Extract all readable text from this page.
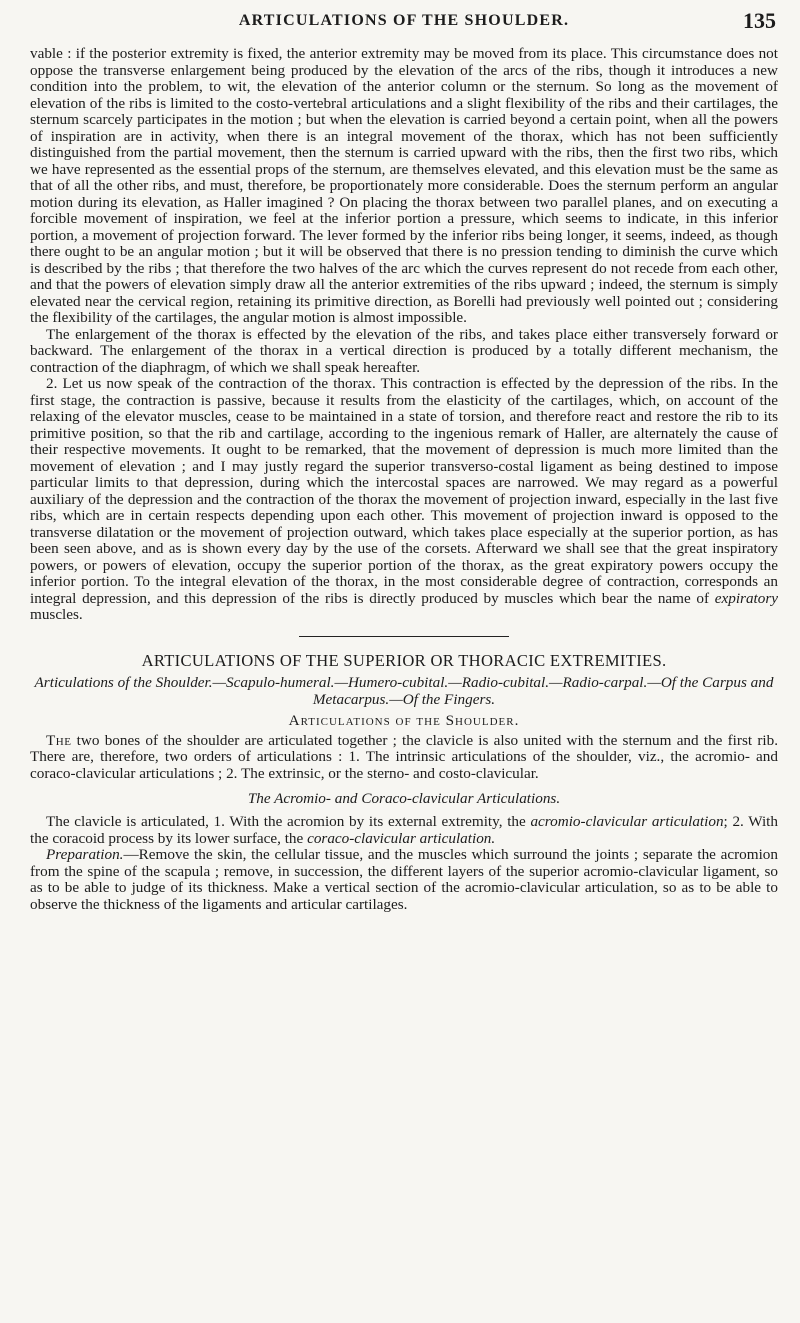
ARTICULATIONS OF THE SHOULDER.	135

vable : if the posterior extremity is fixed, the anterior extremity may be moved from its place. This circumstance does not oppose the transverse enlargement being produced by the elevation of the arcs of the ribs, though it introduces a new condition into the problem, to wit, the elevation of the anterior column or the sternum. So long as the movement of elevation of the ribs is limited to the costo-vertebral articulations and a slight flexibility of the ribs and their cartilages, the sternum scarcely participates in the motion ; but when the elevation is carried beyond a certain point, when all the powers of inspiration are in activity, when there is an integral movement of the thorax, which has not been sufficiently distinguished from the partial movement, then the sternum is carried upward with the ribs, then the first two ribs, which we have represented as the essential props of the sternum, are themselves elevated, and this elevation must be the same as that of all the other ribs, and must, therefore, be proportionately more considerable. Does the sternum perform an angular motion during its elevation, as Haller imagined ? On placing the thorax between two parallel planes, and on executing a forcible movement of inspiration, we feel at the inferior portion a pressure, which seems to indicate, in this inferior portion, a movement of projection forward. The lever formed by the inferior ribs being longer, it seems, indeed, as though there ought to be an angular motion ; but it will be observed that there is no pression tending to diminish the curve which is described by the ribs ; that therefore the two halves of the arc which the curves represent do not recede from each other, and that the powers of elevation simply draw all the anterior extremities of the ribs upward ; indeed, the sternum is simply elevated near the cervical region, retaining its primitive direction, as Borelli had previously well pointed out ; considering the flexibility of the cartilages, the angular motion is almost impossible.

The enlargement of the thorax is effected by the elevation of the ribs, and takes place either transversely forward or backward. The enlargement of the thorax in a vertical direction is produced by a totally different mechanism, the contraction of the diaphragm, of which we shall speak hereafter.

2. Let us now speak of the contraction of the thorax. This contraction is effected by the depression of the ribs. In the first stage, the contraction is passive, because it results from the elasticity of the cartilages, which, on account of the relaxing of the elevator muscles, cease to be maintained in a state of torsion, and therefore react and restore the rib to its primitive position, so that the rib and cartilage, according to the ingenious remark of Haller, are alternately the cause of their respective movements. It ought to be remarked, that the movement of depression is much more limited than the movement of elevation ; and I may justly regard the superior transverso-costal ligament as being destined to impose particular limits to that depression, during which the intercostal spaces are narrowed. We may regard as a powerful auxiliary of the depression and the contraction of the thorax the movement of projection inward, especially in the last five ribs, which are in certain respects depending upon each other. This movement of projection inward is opposed to the transverse dilatation or the movement of projection outward, which takes place especially at the superior portion, as has been seen above, and as is shown every day by the use of the corsets. Afterward we shall see that the great inspiratory powers, or powers of elevation, occupy the superior portion of the thorax, as the great expiratory powers occupy the inferior portion. To the integral elevation of the thorax, in the most considerable degree of contraction, corresponds an integral depression, and this depression of the ribs is directly produced by muscles which bear the name of expiratory muscles.

ARTICULATIONS OF THE SUPERIOR OR THORACIC EXTREMITIES.
Articulations of the Shoulder.—Scapulo-humeral.—Humero-cubital.—Radio-cubital.—Radio-carpal.—Of the Carpus and Metacarpus.—Of the Fingers.
Articulations of the Shoulder.

The two bones of the shoulder are articulated together ; the clavicle is also united with the sternum and the first rib. There are, therefore, two orders of articulations : 1. The intrinsic articulations of the shoulder, viz., the acromio- and coraco-clavicular articulations ; 2. The extrinsic, or the sterno- and costo-clavicular.

The Acromio- and Coraco-clavicular Articulations.

The clavicle is articulated, 1. With the acromion by its external extremity, the acromio-clavicular articulation; 2. With the coracoid process by its lower surface, the coraco-clavicular articulation.

Preparation.—Remove the skin, the cellular tissue, and the muscles which surround the joints ; separate the acromion from the spine of the scapula ; remove, in succession, the different layers of the superior acromio-clavicular ligament, so as to be able to judge of its thickness. Make a vertical section of the acromio-clavicular articulation, so as to be able to observe the thickness of the ligaments and articular cartilages.
